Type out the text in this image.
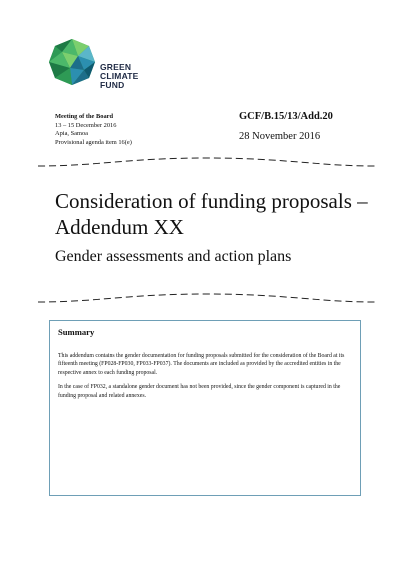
GREEN
CLIMATE
FUND
Meeting of the Board
13 – 15 December 2016
Apia, Samoa
Provisional agenda item 16(e)
GCF/B.15/13/Add.20
28 November 2016
Consideration of funding proposals – Addendum XX
Gender assessments and action plans
Summary

This addendum contains the gender documentation for funding proposals submitted for the consideration of the Board at its fifteenth meeting (FP028-FP030, FP033-FP037). The documents are included as provided by the accredited entities in the respective annex to each funding proposal.

In the case of FP032, a standalone gender document has not been provided, since the gender component is captured in the funding proposal and related annexes.
